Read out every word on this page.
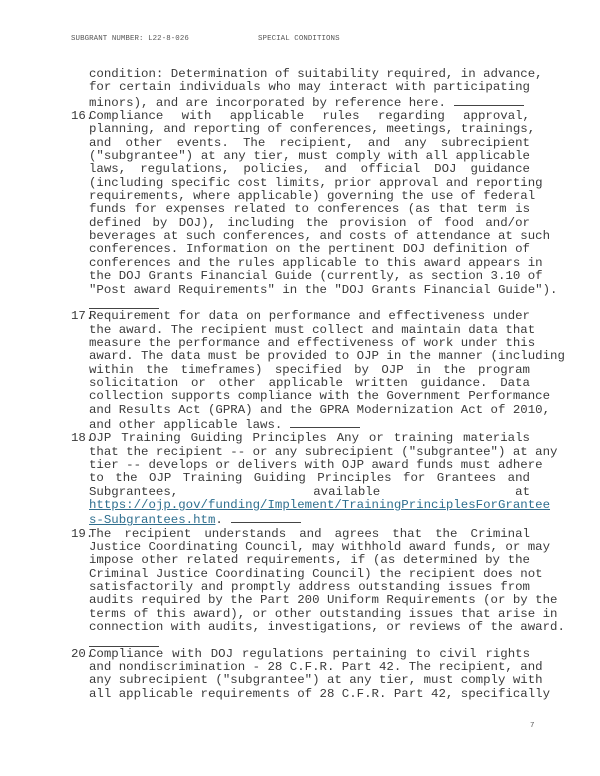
SUBGRANT NUMBER: L22-8-026	SPECIAL CONDITIONS
condition: Determination of suitability required, in advance,
for certain individuals who may interact with participating
minors), and are incorporated by reference here.
16.
Compliance with applicable rules regarding approval,
planning, and reporting of conferences, meetings, trainings,
and other events. The recipient, and any subrecipient
("subgrantee") at any tier, must comply with all applicable
laws, regulations, policies, and official DOJ guidance
(including specific cost limits, prior approval and reporting
requirements, where applicable) governing the use of federal
funds for expenses related to conferences (as that term is
defined by DOJ), including the provision of food and/or
beverages at such conferences, and costs of attendance at such
conferences. Information on the pertinent DOJ definition of
conferences and the rules applicable to this award appears in
the DOJ Grants Financial Guide (currently, as section 3.10 of
"Post award Requirements" in the "DOJ Grants Financial Guide").
17.
Requirement for data on performance and effectiveness under
the award. The recipient must collect and maintain data that
measure the performance and effectiveness of work under this
award. The data must be provided to OJP in the manner (including
within the timeframes) specified by OJP in the program
solicitation or other applicable written guidance. Data
collection supports compliance with the Government Performance
and Results Act (GPRA) and the GPRA Modernization Act of 2010,
and other applicable laws.
18.
OJP Training Guiding Principles Any or training materials
that the recipient -- or any subrecipient ("subgrantee") at any
tier -- develops or delivers with OJP award funds must adhere
to the OJP Training Guiding Principles for Grantees and
Subgrantees, available at
https://ojp.gov/funding/Implement/TrainingPrinciplesForGrantee
s-Subgrantees.htm.
19.
The recipient understands and agrees that the Criminal
Justice Coordinating Council, may withhold award funds, or may
impose other related requirements, if (as determined by the
Criminal Justice Coordinating Council) the recipient does not
satisfactorily and promptly address outstanding issues from
audits required by the Part 200 Uniform Requirements (or by the
terms of this award), or other outstanding issues that arise in
connection with audits, investigations, or reviews of the award.
20.
Compliance with DOJ regulations pertaining to civil rights
and nondiscrimination - 28 C.F.R. Part 42. The recipient, and
any subrecipient ("subgrantee") at any tier, must comply with
all applicable requirements of 28 C.F.R. Part 42, specifically
7
